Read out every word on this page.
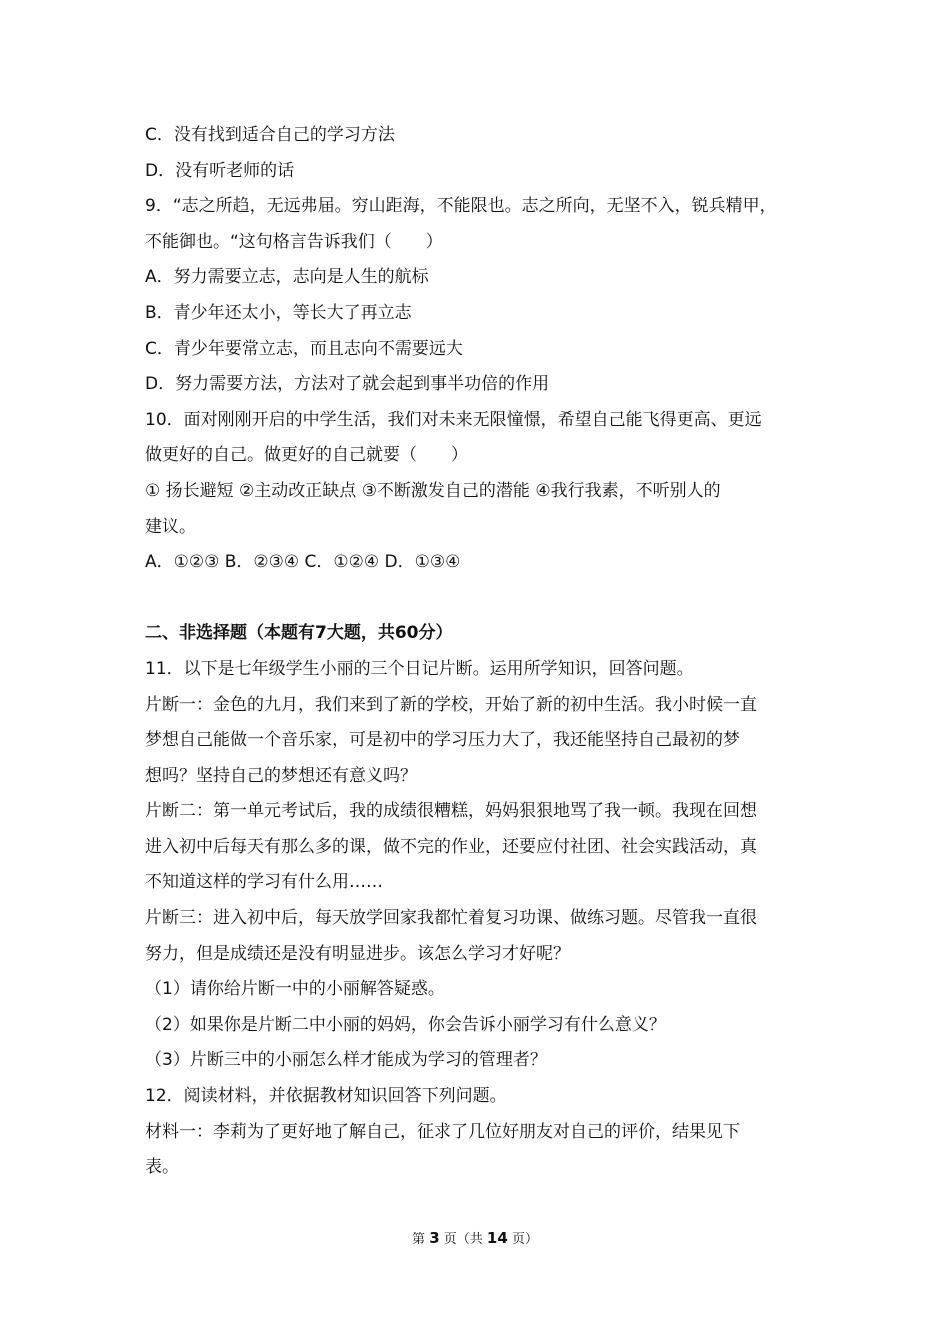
C．没有找到适合自己的学习方法

D．没有听老师的话

9．“志之所趋，无远弗届。穷山距海，不能限也。志之所向，无坚不入，锐兵精甲，

不能御也。“这句格言告诉我们（　　）

A．努力需要立志，志向是人生的航标

B．青少年还太小，等长大了再立志

C．青少年要常立志，而且志向不需要远大

D．努力需要方法，方法对了就会起到事半功倍的作用

10．面对刚刚开启的中学生活，我们对未来无限憧憬，希望自己能飞得更高、更远

做更好的自己。做更好的自己就要（　　）

① 扬长避短 ②主动改正缺点 ③不断激发自己的潜能 ④我行我素，不听别人的

建议。

A．①②③ B．②③④ C．①②④ D．①③④

二、非选择题（本题有7大题，共60分）

11．以下是七年级学生小丽的三个日记片断。运用所学知识，回答问题。

片断一：金色的九月，我们来到了新的学校，开始了新的初中生活。我小时候一直

梦想自己能做一个音乐家，可是初中的学习压力大了，我还能坚持自己最初的梦

想吗？坚持自己的梦想还有意义吗？

片断二：第一单元考试后，我的成绩很糟糕，妈妈狠狠地骂了我一顿。我现在回想

进入初中后每天有那么多的课，做不完的作业，还要应付社团、社会实践活动，真

不知道这样的学习有什么用……

片断三：进入初中后，每天放学回家我都忙着复习功课、做练习题。尽管我一直很

努力，但是成绩还是没有明显进步。该怎么学习才好呢？

（1）请你给片断一中的小丽解答疑惑。

（2）如果你是片断二中小丽的妈妈，你会告诉小丽学习有什么意义？

（3）片断三中的小丽怎么样才能成为学习的管理者？

12．阅读材料，并依据教材知识回答下列问题。

材料一：李莉为了更好地了解自己，征求了几位好朋友对自己的评价，结果见下

表。

第 3 页（共 14 页）
